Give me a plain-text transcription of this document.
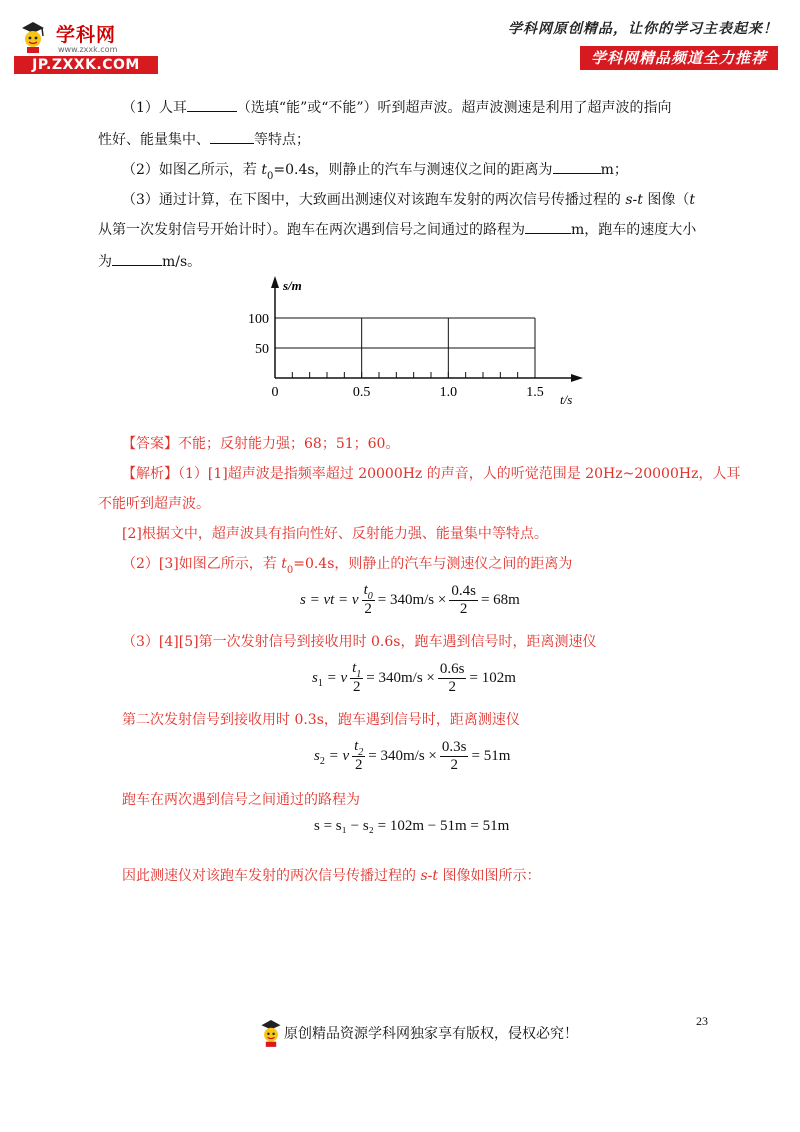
学科网
www.zxxk.com
JP.ZXXK.COM
学科网原创精品，让你的学习主表起来！
学科网精品频道全力推荐
（1）人耳	（选填“能”或“不能”）听到超声波。超声波测速是利用了超声波的指向
性好、能量集中、	等特点；
（2）如图乙所示，若 $t_0=0.4s$，则静止的汽车与测速仪之间的距离为	m；
（3）通过计算，在下图中，大致画出测速仪对该跑车发射的两次信号传播过程的 s-t 图像（t
从第一次发射信号开始计时）。跑车在两次遇到信号之间通过的路程为	m，跑车的速度大小
为	m/s。
0	0.5	1.0	1.5
50
100
s/m
t/s
【答案】不能；反射能力强；68；51；60。
【解析】（1）[1]超声波是指频率超过 20000Hz 的声音，人的听觉范围是 20Hz~20000Hz，人耳
不能听到超声波。
[2]根据文中，超声波具有指向性好、反射能力强、能量集中等特点。
（2）[3]如图乙所示，若 $t_0=0.4s$，则静止的汽车与测速仪之间的距离为
s = vt = v $\frac{t_0}{2} = 340m/s \times \frac{0.4s}{2} = 68m$
（3）[4][5]第一次发射信号到接收用时 0.6s，跑车遇到信号时，距离测速仪
s 1
= v $\frac{t_1}{2} = 340m/s \times \frac{0.6s}{2} = 102m$
第二次发射信号到接收用时 0.3s，跑车遇到信号时，距离测速仪
s 2
= v $\frac{t_2}{2} = 340m/s \times \frac{0.3s}{2} = 51m$
跑车在两次遇到信号之间通过的路程为
s = s₁ − s₂ = 102m − 51m = 51m
因此测速仪对该跑车发射的两次信号传播过程的 s-t 图像如图所示：
23
原创精品资源学科网独家享有版权，侵权必究！
